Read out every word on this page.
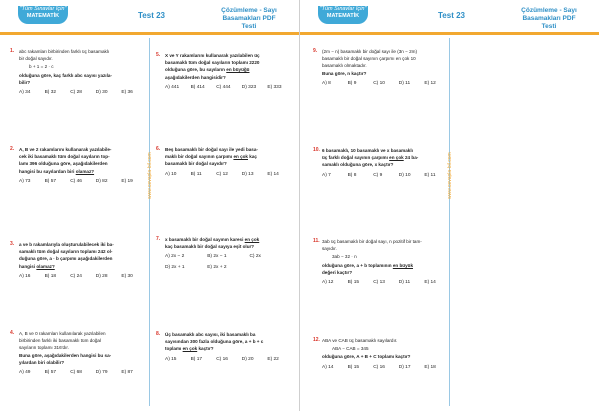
"Tüm Sınavlar İçin"
MATEMATİK	Test 23
Çözümleme - Sayı
Basamakları PDF Testi
www.cevapla-bil.com
1. abc rakamları birbirinden farklı üç basamaklı
bir doğal sayıdır.
b + 1 = 2 · c
olduğuna göre, kaç farklı abc sayısı yazıla-
bilir?
A) 34	B) 32	C) 28	D) 30	E) 36
2. A, B ve 2 rakamlarını kullanarak yazılabile-
cek iki basamaklı tüm doğal sayıların top-
lamı 396 olduğuna göre, aşağıdakilerden
hangisi bu sayılardan biri olamaz?
A) 73	B) 57	C) 46	D) 82	E) 19
3. a ve b rakamlarıyla oluşturulabilecek iki ba-
samaklı tüm doğal sayıların toplamı 242 ol-
duğuna göre, a · b çarpımı aşağıdakilerden
hangisi olamaz?
A) 16	B) 18	C) 24	D) 28	E) 30
4. A, B ve 0 rakamları kullanılarak yazılabilen
birbirinden farklı iki basamaklı tüm doğal
sayıların toplamı 316'dır.
Buna göre, aşağıdakilerden hangisi bu sa-
yılardan biri olabilir?
A) 49	B) 57	C) 68	D) 79	E) 87
5. X ve Y rakamlarını kullanarak yazılabilen üç
basamaklı tüm doğal sayıların toplamı 2220
olduğuna göre, bu sayıların en büyüğü
aşağıdakilerden hangisidir?
A) 441	B) 414	C) 444	D) 323	E) 333
6. Beş basamaklı bir doğal sayı ile yedi basa-
maklı bir doğal sayının çarpımı en çok kaç
basamaklı bir doğal sayıdır?
A) 10	B) 11	C) 12	D) 13	E) 14
7. x basamaklı bir doğal sayının karesi en çok
kaç basamaklı bir doğal sayıya eşit olur?
A) 2x − 2	B) 2x − 1	C) 2x
D) 2x + 1	E) 2x + 2
8. Üç basamaklı abc sayısı, iki basamaklı ba
sayısından 300 fazla olduğuna göre, a + b + c
toplamı en çok kaçtır?
A) 15	B) 17	C) 16	D) 20	E) 22
"Tüm Sınavlar İçin"
MATEMATİK	Test 23
Çözümleme - Sayı
Basamakları PDF Testi
www.cevapla-bil.com
9. (2m − n) basamaklı bir doğal sayı ile (3n − 2m)
basamaklı bir doğal sayının çarpımı en çok 10
basamaklı olmaktadır.
Buna göre, n kaçtır?
A) 8	B) 9	C) 10	D) 11	E) 12
10. 6 basamaklı, 10 basamaklı ve x basamaklı
üç farklı doğal sayının çarpımı en çok 24 ba-
samaklı olduğuna göre, x kaçtır?
A) 7	B) 8	C) 9	D) 10	E) 11
11. 3ab üç basamaklı bir doğal sayı, n pozitif bir tam-
sayıdır.
3ab − 32 · n
olduğuna göre, a + b toplamının en büyük
değeri kaçtır?
A) 12	B) 15	C) 13	D) 11	E) 14
12. ABA ve CAB üç basamaklı sayılardır.
ABA − CAB = 345
olduğuna göre, A + B + C toplamı kaçtır?
A) 14	B) 15	C) 16	D) 17	E) 18
